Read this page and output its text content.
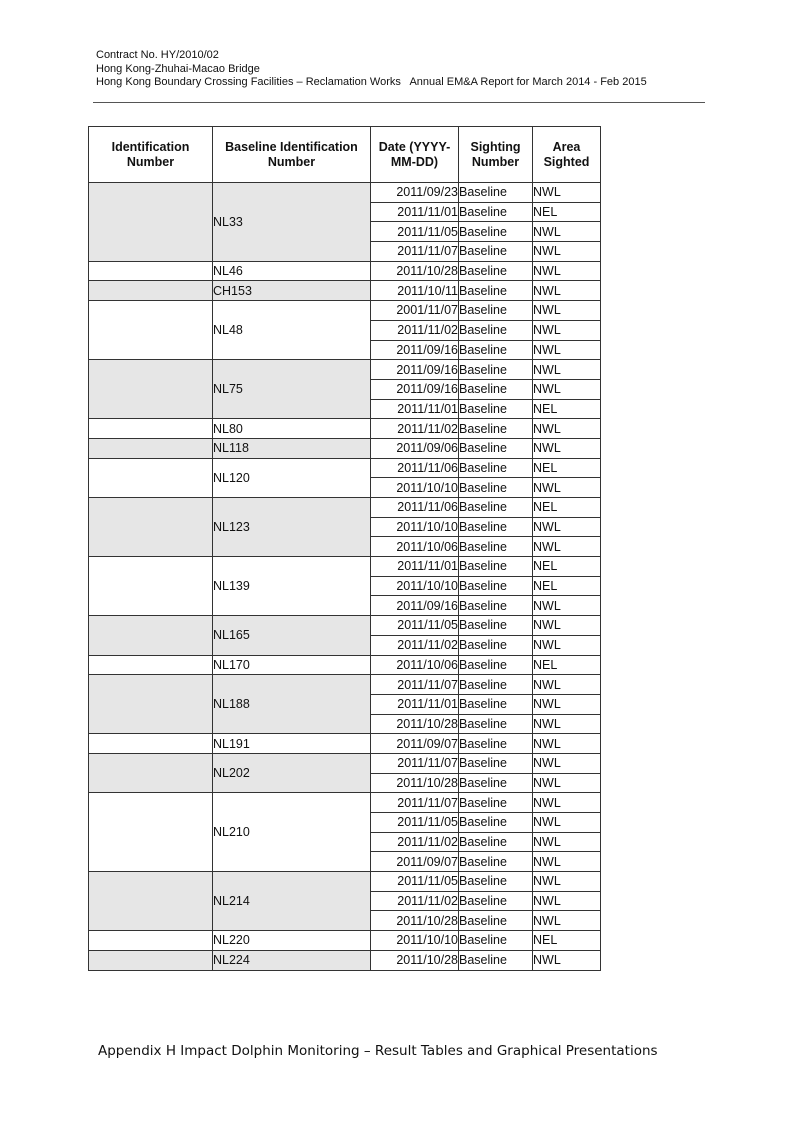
Contract No. HY/2010/02
Hong Kong-Zhuhai-Macao Bridge
Hong Kong Boundary Crossing Facilities – Reclamation Works   Annual EM&A Report for March 2014 - Feb 2015
Identification Number	Baseline Identification Number	Date (YYYY-MM-DD)	Sighting Number	Area Sighted
	NL33	2011/09/23	Baseline	NWL
		2011/11/01	Baseline	NEL
		2011/11/05	Baseline	NWL
		2011/11/07	Baseline	NWL
	NL46	2011/10/28	Baseline	NWL
	CH153	2011/10/11	Baseline	NWL
	NL48	2001/11/07	Baseline	NWL
		2011/11/02	Baseline	NWL
		2011/09/16	Baseline	NWL
	NL75	2011/09/16	Baseline	NWL
		2011/09/16	Baseline	NWL
		2011/11/01	Baseline	NEL
	NL80	2011/11/02	Baseline	NWL
	NL118	2011/09/06	Baseline	NWL
	NL120	2011/11/06	Baseline	NEL
		2011/10/10	Baseline	NWL
	NL123	2011/11/06	Baseline	NEL
		2011/10/10	Baseline	NWL
		2011/10/06	Baseline	NWL
	NL139	2011/11/01	Baseline	NEL
		2011/10/10	Baseline	NEL
		2011/09/16	Baseline	NWL
	NL165	2011/11/05	Baseline	NWL
		2011/11/02	Baseline	NWL
	NL170	2011/10/06	Baseline	NEL
	NL188	2011/11/07	Baseline	NWL
		2011/11/01	Baseline	NWL
		2011/10/28	Baseline	NWL
	NL191	2011/09/07	Baseline	NWL
	NL202	2011/11/07	Baseline	NWL
		2011/10/28	Baseline	NWL
	NL210	2011/11/07	Baseline	NWL
		2011/11/05	Baseline	NWL
		2011/11/02	Baseline	NWL
		2011/09/07	Baseline	NWL
	NL214	2011/11/05	Baseline	NWL
		2011/11/02	Baseline	NWL
		2011/10/28	Baseline	NWL
	NL220	2011/10/10	Baseline	NEL
	NL224	2011/10/28	Baseline	NWL
Appendix H Impact Dolphin Monitoring – Result Tables and Graphical Presentations
